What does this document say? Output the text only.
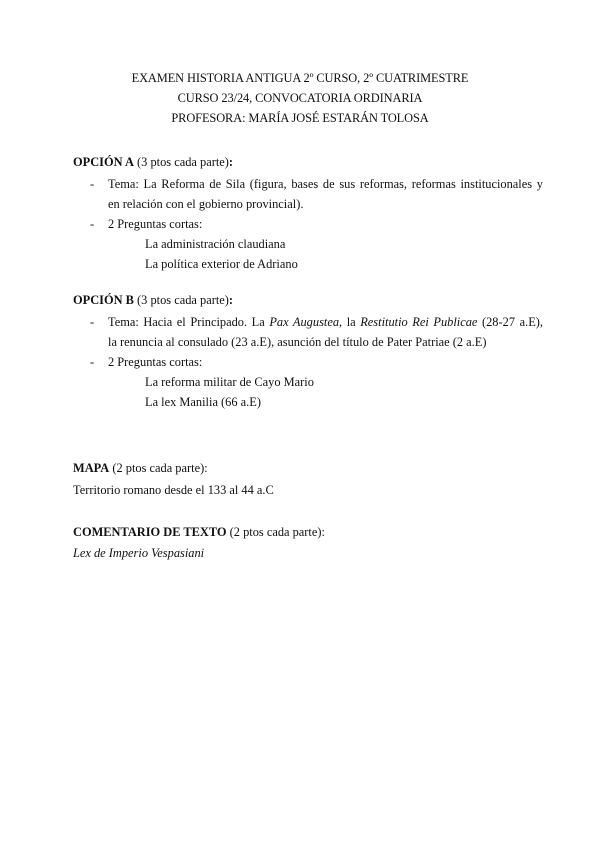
EXAMEN HISTORIA ANTIGUA 2º CURSO, 2º CUATRIMESTRE
CURSO 23/24, CONVOCATORIA ORDINARIA
PROFESORA: MARÍA JOSÉ ESTARÁN TOLOSA
OPCIÓN A (3 ptos cada parte):
- Tema: La Reforma de Sila (figura, bases de sus reformas, reformas institucionales y
en relación con el gobierno provincial).
- 2 Preguntas cortas:
La administración claudiana
La política exterior de Adriano
OPCIÓN B (3 ptos cada parte):
- Tema: Hacia el Principado. La Pax Augustea, la Restitutio Rei Publicae (28-27 a.E),
la renuncia al consulado (23 a.E), asunción del título de Pater Patriae (2 a.E)
- 2 Preguntas cortas:
La reforma militar de Cayo Mario
La lex Manilia (66 a.E)
MAPA (2 ptos cada parte):
Territorio romano desde el 133 al 44 a.C
COMENTARIO DE TEXTO (2 ptos cada parte):
Lex de Imperio Vespasiani
